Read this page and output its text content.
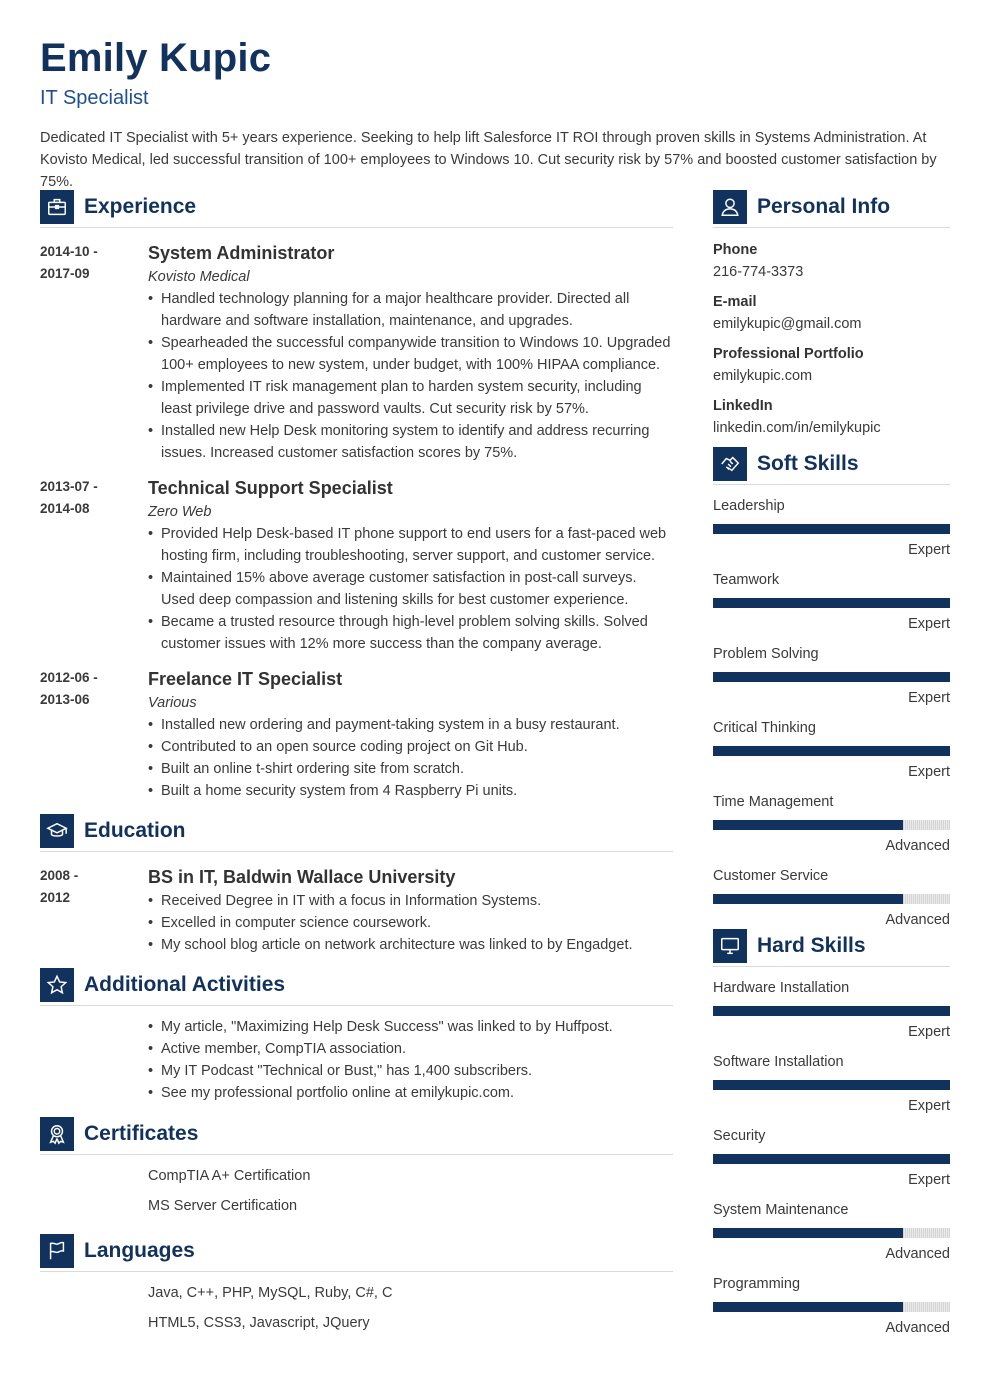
Emily Kupic
IT Specialist
Dedicated IT Specialist with 5+ years experience. Seeking to help lift Salesforce IT ROI through proven skills in Systems Administration. At Kovisto Medical, led successful transition of 100+ employees to Windows 10. Cut security risk by 57% and boosted customer satisfaction by 75%.
Experience
2014-10 -
2017-09
System Administrator
Kovisto Medical
• Handled technology planning for a major healthcare provider. Directed all hardware and software installation, maintenance, and upgrades.
• Spearheaded the successful companywide transition to Windows 10. Upgraded 100+ employees to new system, under budget, with 100% HIPAA compliance.
• Implemented IT risk management plan to harden system security, including least privilege drive and password vaults. Cut security risk by 57%.
• Installed new Help Desk monitoring system to identify and address recurring issues. Increased customer satisfaction scores by 75%.
2013-07 -
2014-08
Technical Support Specialist
Zero Web
• Provided Help Desk-based IT phone support to end users for a fast-paced web hosting firm, including troubleshooting, server support, and customer service.
• Maintained 15% above average customer satisfaction in post-call surveys. Used deep compassion and listening skills for best customer experience.
• Became a trusted resource through high-level problem solving skills. Solved customer issues with 12% more success than the company average.
2012-06 -
2013-06
Freelance IT Specialist
Various
• Installed new ordering and payment-taking system in a busy restaurant.
• Contributed to an open source coding project on Git Hub.
• Built an online t-shirt ordering site from scratch.
• Built a home security system from 4 Raspberry Pi units.
Education
2008 -
2012
BS in IT, Baldwin Wallace University
• Received Degree in IT with a focus in Information Systems.
• Excelled in computer science coursework.
• My school blog article on network architecture was linked to by Engadget.
Additional Activities
• My article, "Maximizing Help Desk Success" was linked to by Huffpost.
• Active member, CompTIA association.
• My IT Podcast "Technical or Bust," has 1,400 subscribers.
• See my professional portfolio online at emilykupic.com.
Certificates
CompTIA A+ Certification
MS Server Certification
Languages
Java, C++, PHP, MySQL, Ruby, C#, C
HTML5, CSS3, Javascript, JQuery
Personal Info
Phone
216-774-3373
E-mail
emilykupic@gmail.com
Professional Portfolio
emilykupic.com
LinkedIn
linkedin.com/in/emilykupic
Soft Skills
Leadership
Expert
Teamwork
Expert
Problem Solving
Expert
Critical Thinking
Expert
Time Management
Advanced
Customer Service
Advanced
Hard Skills
Hardware Installation
Expert
Software Installation
Expert
Security
Expert
System Maintenance
Advanced
Programming
Advanced
